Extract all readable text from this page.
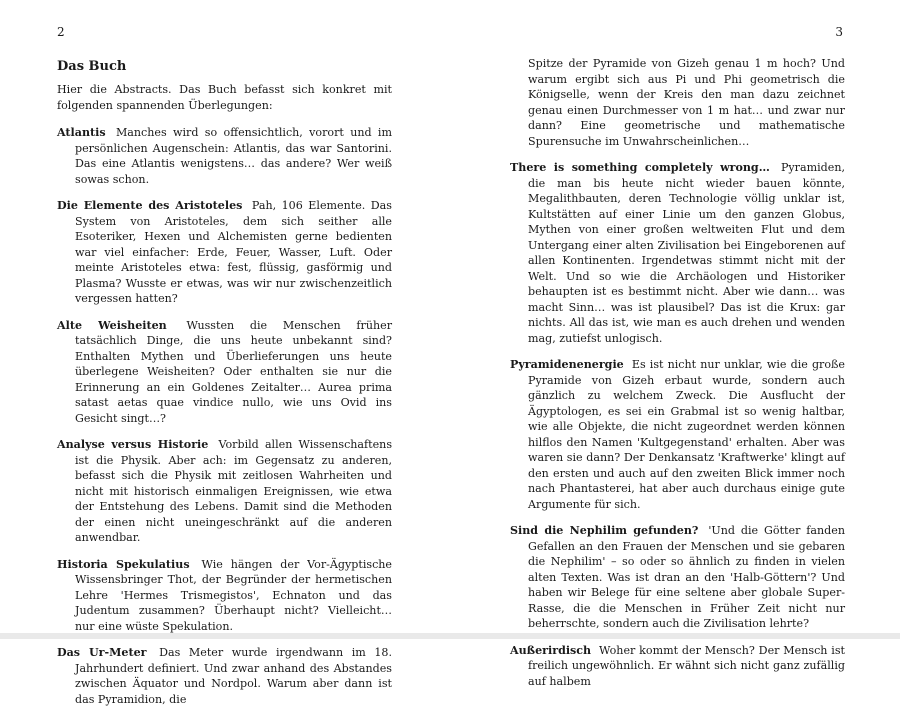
2
Das Buch
Hier die Abstracts. Das Buch befasst sich konkret mit folgenden spannenden Überlegungen:
Atlantis Manches wird so offensichtlich, vorort und im persönlichen Augenschein: Atlantis, das war Santorini. Das eine Atlantis wenigstens… das andere? Wer weiß sowas schon.
Die Elemente des Aristoteles Pah, 106 Elemente. Das System von Aristoteles, dem sich seither alle Esoteriker, Hexen und Alchemisten gerne bedienten war viel einfacher: Erde, Feuer, Wasser, Luft. Oder meinte Aristoteles etwa: fest, flüssig, gasförmig und Plasma? Wusste er etwas, was wir nur zwischenzeitlich vergessen hatten?
Alte Weisheiten Wussten die Menschen früher tatsächlich Dinge, die uns heute unbekannt sind? Enthalten Mythen und Überlieferungen uns heute überlegene Weisheiten? Oder enthalten sie nur die Erinnerung an ein Goldenes Zeitalter… Aurea prima satast aetas quae vindice nullo, wie uns Ovid ins Gesicht singt…?
Analyse versus Historie Vorbild allen Wissenschaftens ist die Physik. Aber ach: im Gegensatz zu anderen, befasst sich die Physik mit zeitlosen Wahrheiten und nicht mit historisch einmaligen Ereignissen, wie etwa der Entstehung des Lebens. Damit sind die Methoden der einen nicht uneingeschränkt auf die anderen anwendbar.
Historia Spekulatius Wie hängen der Vor-Ägyptische Wissensbringer Thot, der Begründer der hermetischen Lehre 'Hermes Trismegistos', Echnaton und das Judentum zusammen? Überhaupt nicht? Vielleicht… nur eine wüste Spekulation.
Das Ur-Meter Das Meter wurde irgendwann im 18. Jahrhundert definiert. Und zwar anhand des Abstandes zwischen Äquator und Nordpol. Warum aber dann ist das Pyramidion, die
3
Spitze der Pyramide von Gizeh genau 1 m hoch? Und warum ergibt sich aus Pi und Phi geometrisch die Königselle, wenn der Kreis den man dazu zeichnet genau einen Durchmesser von 1 m hat… und zwar nur dann? Eine geometrische und mathematische Spurensuche im Unwahrscheinlichen…
There is something completely wrong… Pyramiden, die man bis heute nicht wieder bauen könnte, Megalithbauten, deren Technologie völlig unklar ist, Kultstätten auf einer Linie um den ganzen Globus, Mythen von einer großen weltweiten Flut und dem Untergang einer alten Zivilisation bei Eingeborenen auf allen Kontinenten. Irgendetwas stimmt nicht mit der Welt. Und so wie die Archäologen und Historiker behaupten ist es bestimmt nicht. Aber wie dann… was macht Sinn… was ist plausibel? Das ist die Krux: gar nichts. All das ist, wie man es auch drehen und wenden mag, zutiefst unlogisch.
Pyramidenenergie Es ist nicht nur unklar, wie die große Pyramide von Gizeh erbaut wurde, sondern auch gänzlich zu welchem Zweck. Die Ausflucht der Ägyptologen, es sei ein Grabmal ist so wenig haltbar, wie alle Objekte, die nicht zugeordnet werden können hilflos den Namen 'Kultgegenstand' erhalten. Aber was waren sie dann? Der Denkansatz 'Kraftwerke' klingt auf den ersten und auch auf den zweiten Blick immer noch nach Phantasterei, hat aber auch durchaus einige gute Argumente für sich.
Sind die Nephilim gefunden? 'Und die Götter fanden Gefallen an den Frauen der Menschen und sie gebaren die Nephilim' – so oder so ähnlich zu finden in vielen alten Texten. Was ist dran an den 'Halb-Göttern'? Und haben wir Belege für eine seltene aber globale Super-Rasse, die die Menschen in Früher Zeit nicht nur beherrschte, sondern auch die Zivilisation lehrte?
Außerirdisch Woher kommt der Mensch? Der Mensch ist freilich ungewöhnlich. Er wähnt sich nicht ganz zufällig auf halbem
